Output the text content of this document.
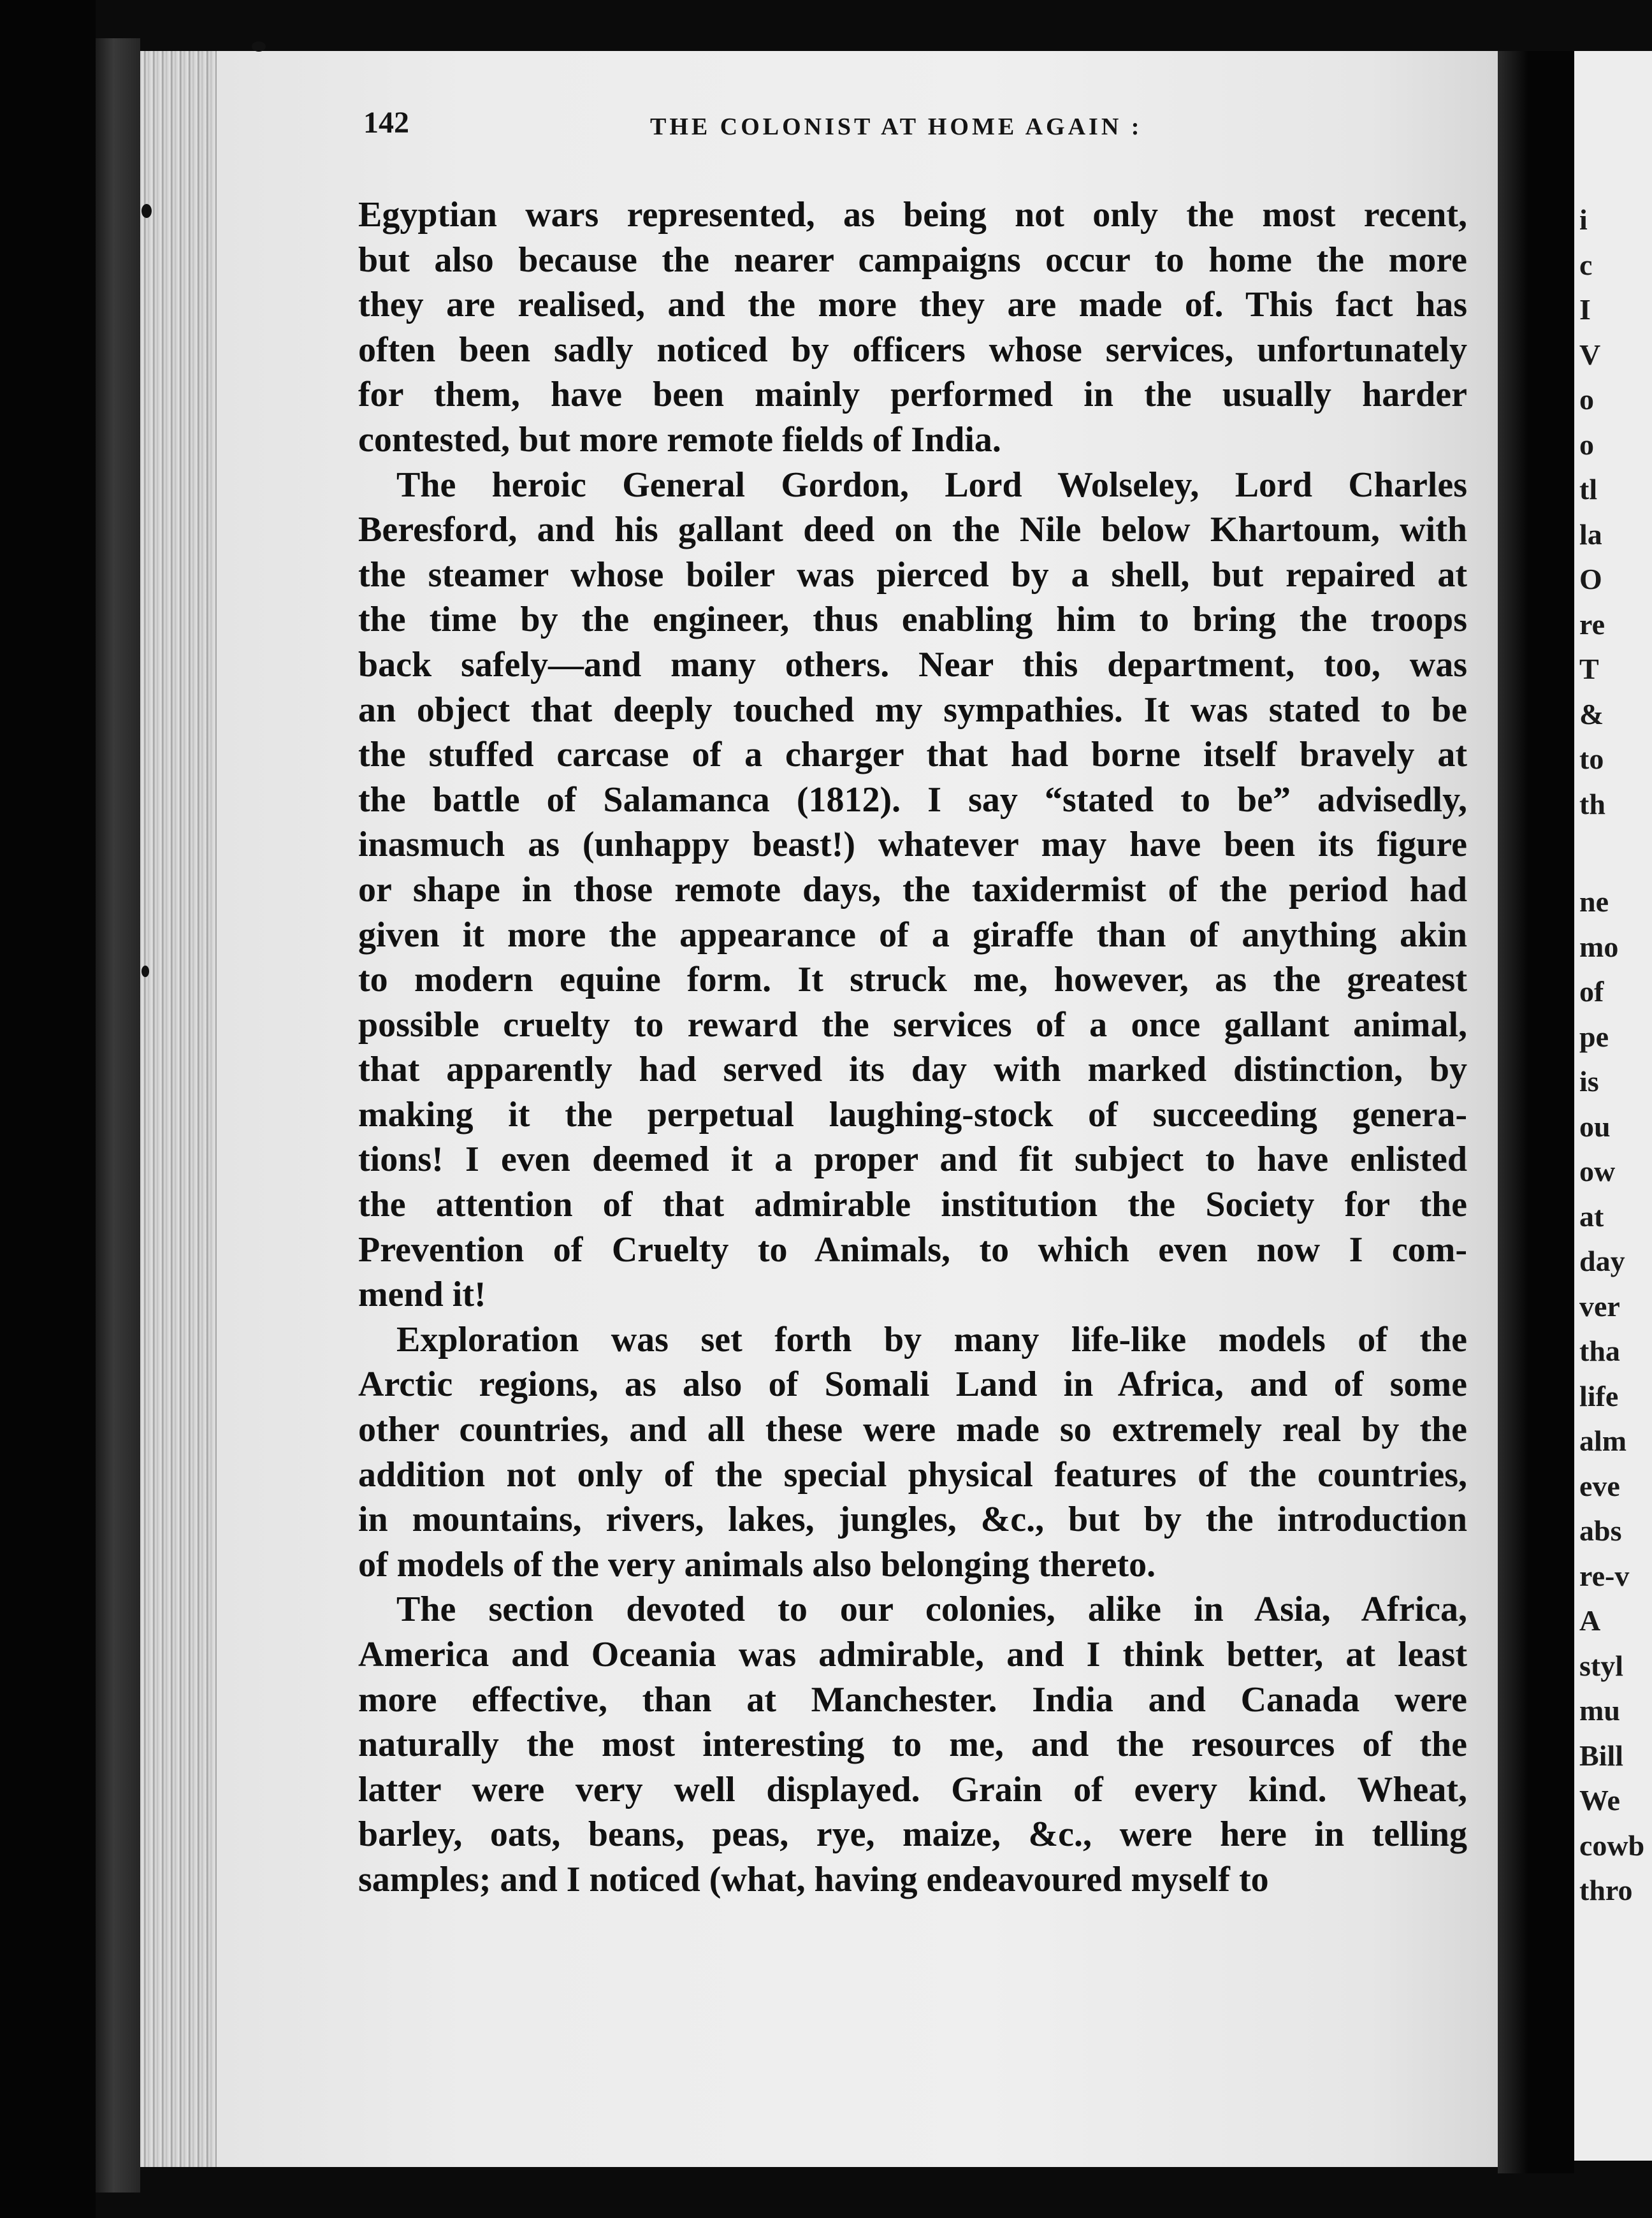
142	THE COLONIST AT HOME AGAIN :
Egyptian wars represented, as being not only the most recent,
but also because the nearer campaigns occur to home the more
they are realised, and the more they are made of. This fact has
often been sadly noticed by officers whose services, unfortunately
for them, have been mainly performed in the usually harder
contested, but more remote fields of India.
The heroic General Gordon, Lord Wolseley, Lord Charles
Beresford, and his gallant deed on the Nile below Khartoum, with
the steamer whose boiler was pierced by a shell, but repaired at
the time by the engineer, thus enabling him to bring the troops
back safely—and many others. Near this department, too, was
an object that deeply touched my sympathies. It was stated to be
the stuffed carcase of a charger that had borne itself bravely at
the battle of Salamanca (1812). I say “stated to be” advisedly,
inasmuch as (unhappy beast!) whatever may have been its figure
or shape in those remote days, the taxidermist of the period had
given it more the appearance of a giraffe than of anything akin
to modern equine form. It struck me, however, as the greatest
possible cruelty to reward the services of a once gallant animal,
that apparently had served its day with marked distinction, by
making it the perpetual laughing-stock of succeeding genera-
tions! I even deemed it a proper and fit subject to have enlisted
the attention of that admirable institution the Society for the
Prevention of Cruelty to Animals, to which even now I com-
mend it!
Exploration was set forth by many life-like models of the
Arctic regions, as also of Somali Land in Africa, and of some
other countries, and all these were made so extremely real by the
addition not only of the special physical features of the countries,
in mountains, rivers, lakes, jungles, &c., but by the introduction
of models of the very animals also belonging thereto.
The section devoted to our colonies, alike in Asia, Africa,
America and Oceania was admirable, and I think better, at least
more effective, than at Manchester. India and Canada were
naturally the most interesting to me, and the resources of the
latter were very well displayed. Grain of every kind. Wheat,
barley, oats, beans, peas, rye, maize, &c., were here in telling
samples; and I noticed (what, having endeavoured myself to
i
c
I
V
o
o
tl
la
O
re
T
&
to
th
ne
mo
of
pe
is
ou
ow
at
day
ver
tha
life
alm
eve
abs
re-v
A
styl
mu
Bill
We
cowb
thro
